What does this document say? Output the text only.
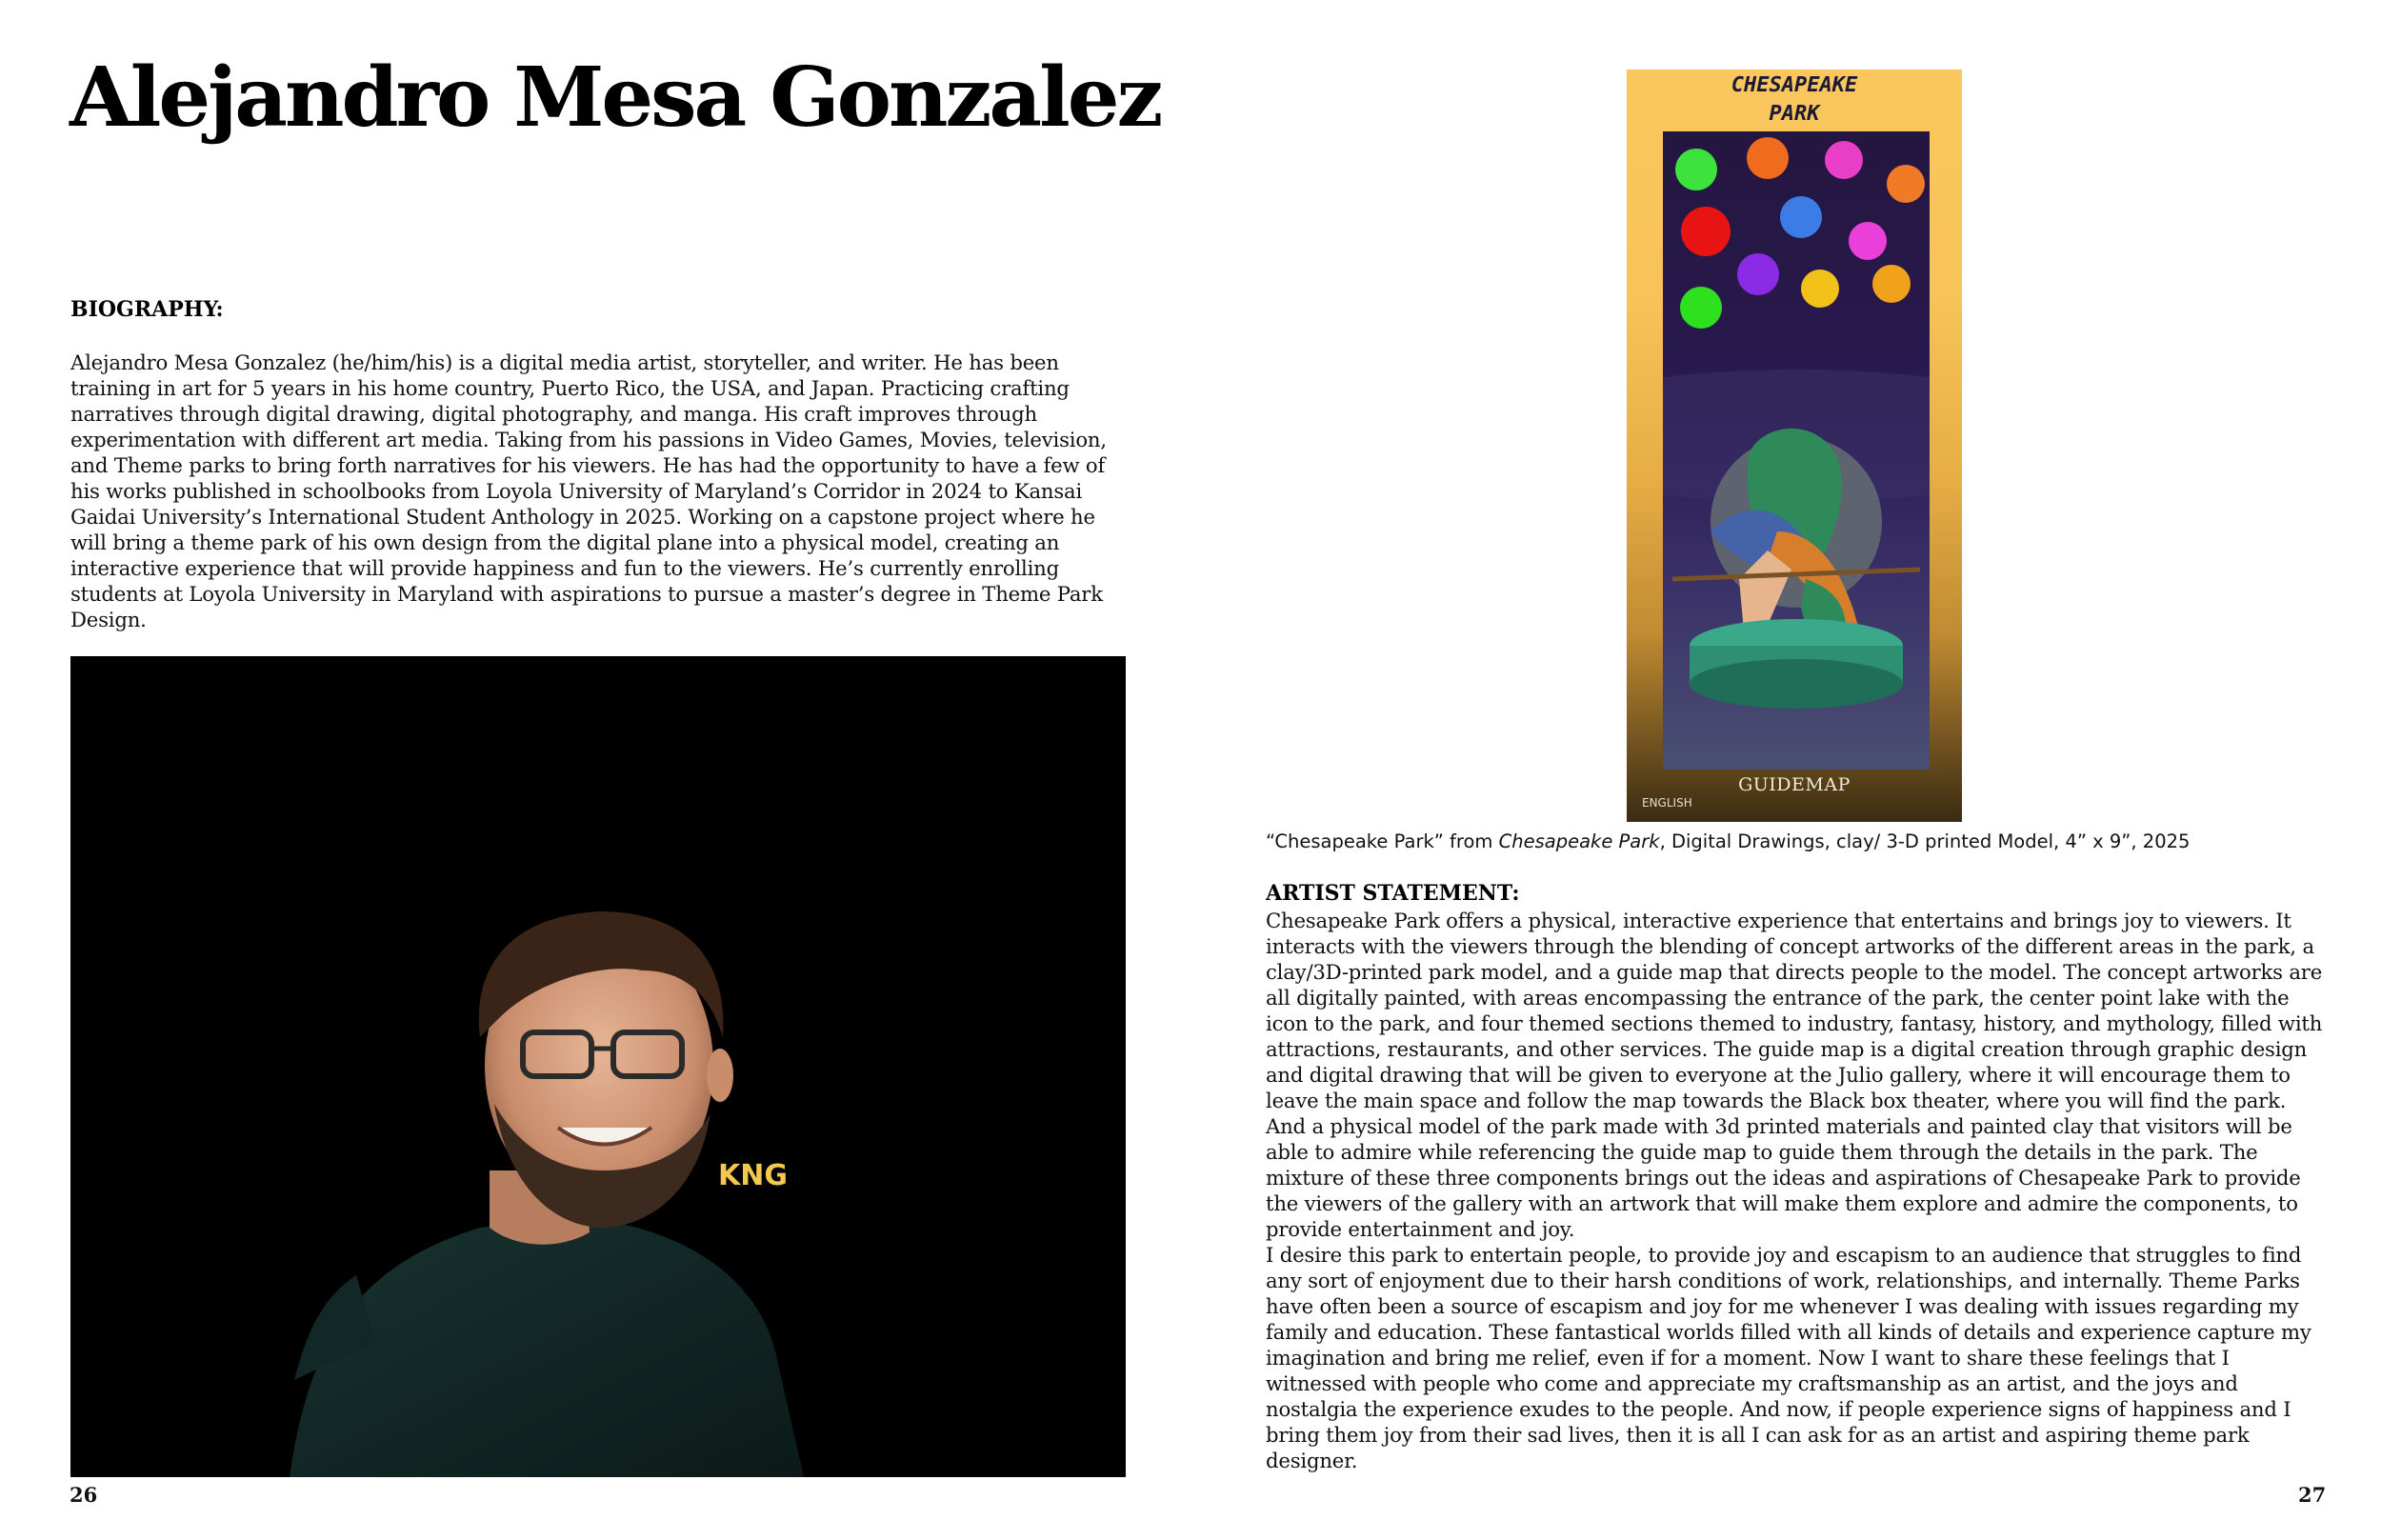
Alejandro Mesa Gonzalez
BIOGRAPHY:

Alejandro Mesa Gonzalez (he/him/his) is a digital media artist, storyteller, and writer. He has been training in art for 5 years in his home country, Puerto Rico, the USA, and Japan. Practicing crafting narratives through digital drawing, digital photography, and manga. His craft improves through experimentation with different art media. Taking from his passions in Video Games, Movies, television, and Theme parks to bring forth narratives for his viewers. He has had the opportunity to have a few of his works published in schoolbooks from Loyola University of Maryland’s Corridor in 2024 to Kansai Gaidai University’s International Student Anthology in 2025. Working on a capstone project where he will bring a theme park of his own design from the digital plane into a physical model, creating an interactive experience that will provide happiness and fun to the viewers. He’s currently enrolling students at Loyola University in Maryland with aspirations to pursue a master’s degree in Theme Park Design.

KNG
26
CHESAPEAKE
PARK
GUIDEMAP
ENGLISH
“Chesapeake Park” from Chesapeake Park, Digital Drawings, clay/ 3-D printed Model, 4” x 9”, 2025
ARTIST STATEMENT:

Chesapeake Park offers a physical, interactive experience that entertains and brings joy to viewers. It interacts with the viewers through the blending of concept artworks of the different areas in the park, a clay/3D-printed park model, and a guide map that directs people to the model. The concept artworks are all digitally painted, with areas encompassing the entrance of the park, the center point lake with the icon to the park, and four themed sections themed to industry, fantasy, history, and mythology, filled with attractions, restaurants, and other services. The guide map is a digital creation through graphic design and digital drawing that will be given to everyone at the Julio gallery, where it will encourage them to leave the main space and follow the map towards the Black box theater, where you will find the park. And a physical model of the park made with 3d printed materials and painted clay that visitors will be able to admire while referencing the guide map to guide them through the details in the park. The mixture of these three components brings out the ideas and aspirations of Chesapeake Park to provide the viewers of the gallery with an artwork that will make them explore and admire the components, to provide entertainment and joy.

I desire this park to entertain people, to provide joy and escapism to an audience that struggles to find any sort of enjoyment due to their harsh conditions of work, relationships, and internally. Theme Parks have often been a source of escapism and joy for me whenever I was dealing with issues regarding my family and education. These fantastical worlds filled with all kinds of details and experience capture my imagination and bring me relief, even if for a moment. Now I want to share these feelings that I witnessed with people who come and appreciate my craftsmanship as an artist, and the joys and nostalgia the experience exudes to the people. And now, if people experience signs of happiness and I bring them joy from their sad lives, then it is all I can ask for as an artist and aspiring theme park designer.

27
